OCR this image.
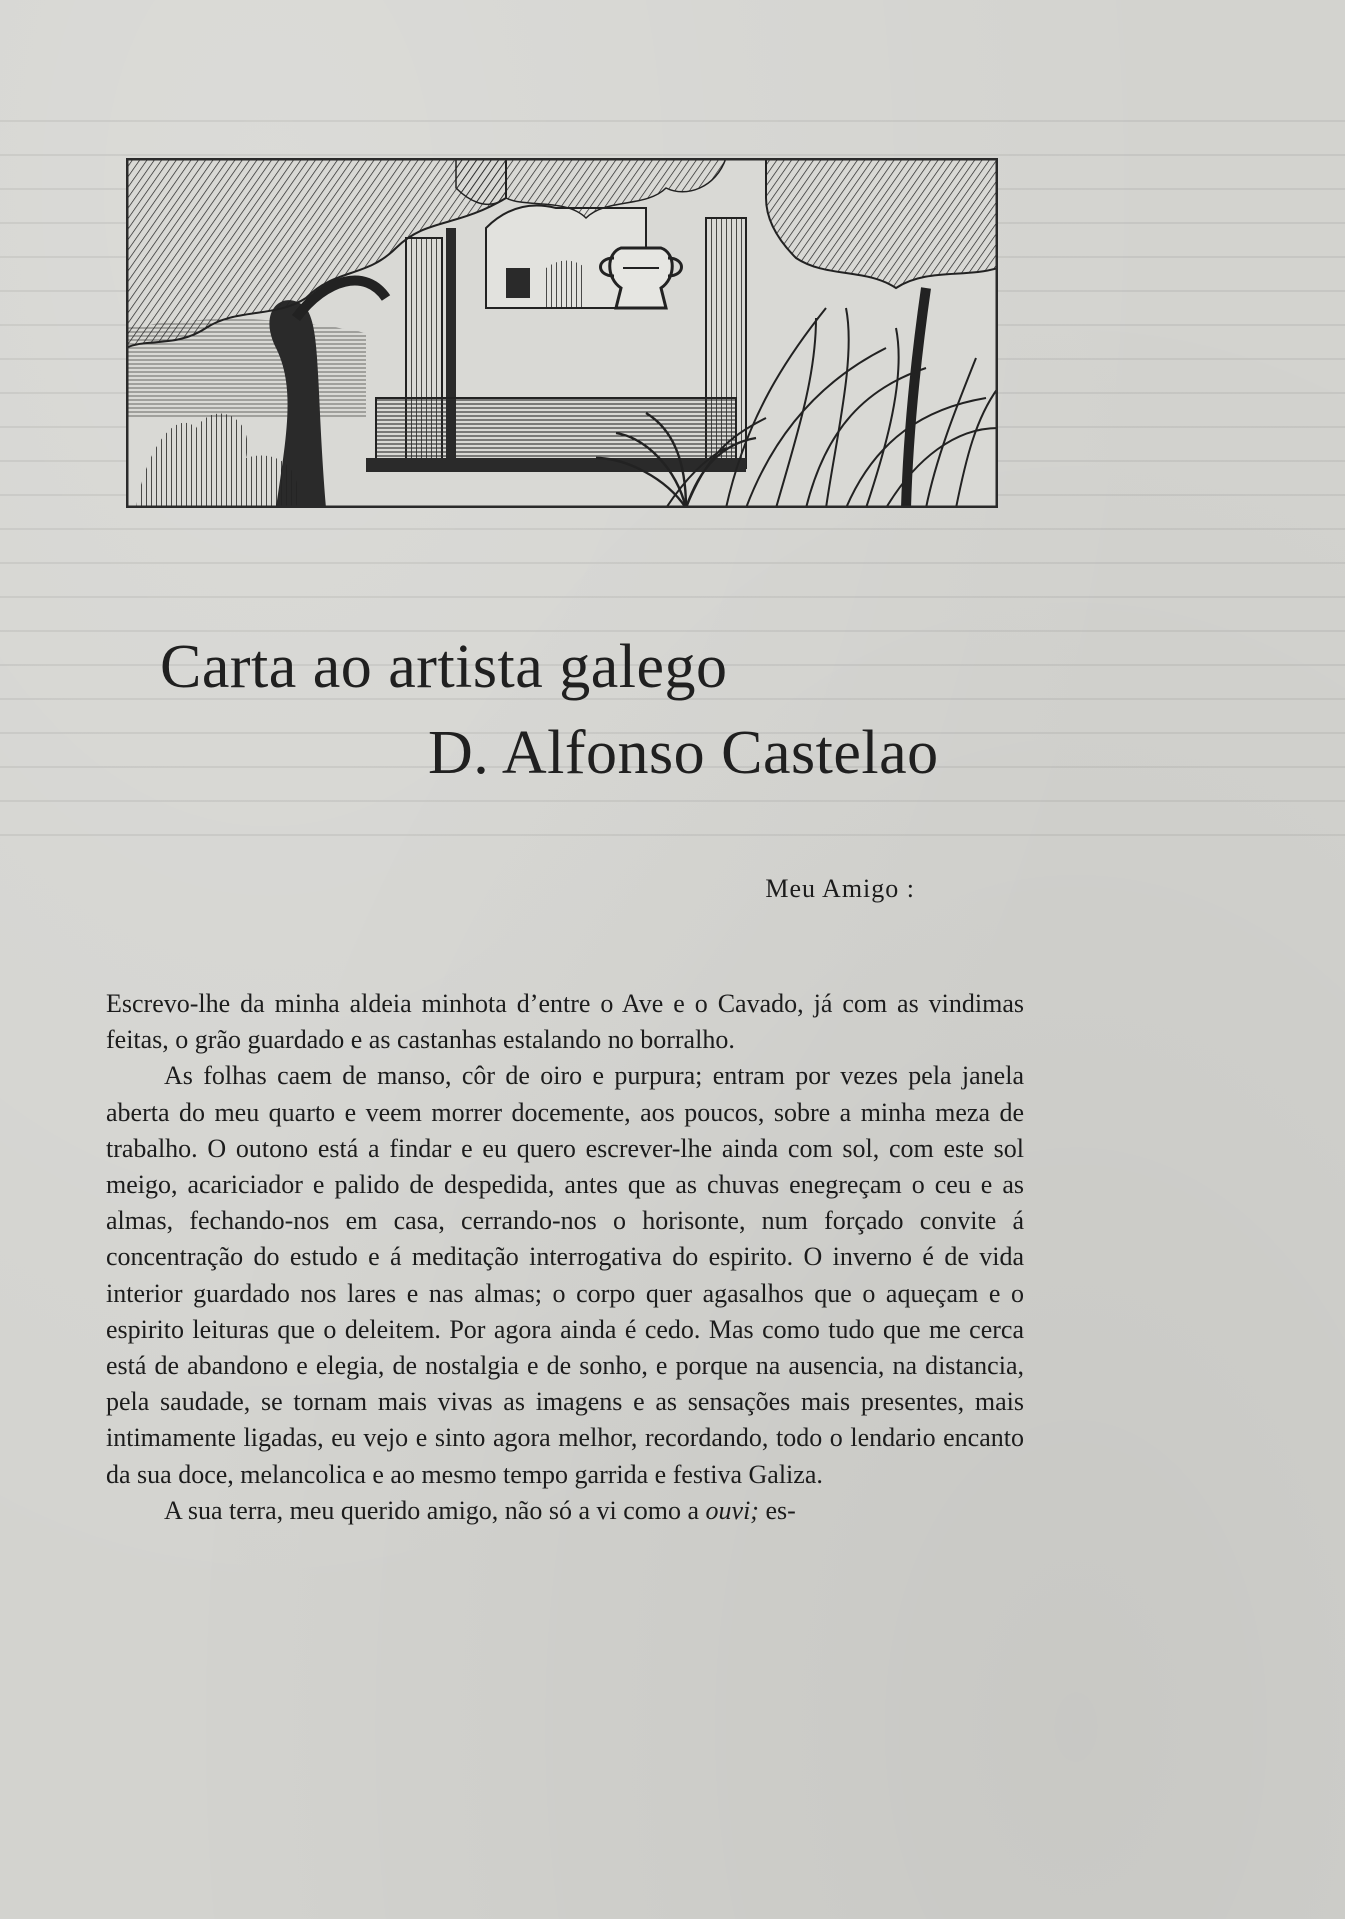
Carta ao artista galego
D. Alfonso Castelao
Meu Amigo :

Escrevo-lhe da minha aldeia minhota d’entre o Ave e o Cavado, já com as vindimas feitas, o grão guardado e as castanhas estalando no borralho.

As folhas caem de manso, côr de oiro e purpura; entram por vezes pela janela aberta do meu quarto e veem morrer docemente, aos poucos, sobre a minha meza de trabalho. O outono está a findar e eu quero escrever-lhe ainda com sol, com este sol meigo, acariciador e palido de despedida, antes que as chuvas enegreçam o ceu e as almas, fechando-nos em casa, cerrando-nos o horisonte, num forçado convite á concentração do estudo e á meditação interrogativa do espirito. O inverno é de vida interior guardado nos lares e nas almas; o corpo quer agasalhos que o aqueçam e o espirito leituras que o deleitem. Por agora ainda é cedo. Mas como tudo que me cerca está de abandono e elegia, de nostalgia e de sonho, e porque na ausencia, na distancia, pela saudade, se tornam mais vivas as imagens e as sensações mais presentes, mais intimamente ligadas, eu vejo e sinto agora melhor, recordando, todo o lendario encanto da sua doce, melancolica e ao mesmo tempo garrida e festiva Galiza.

A sua terra, meu querido amigo, não só a vi como a ouvi; es-
